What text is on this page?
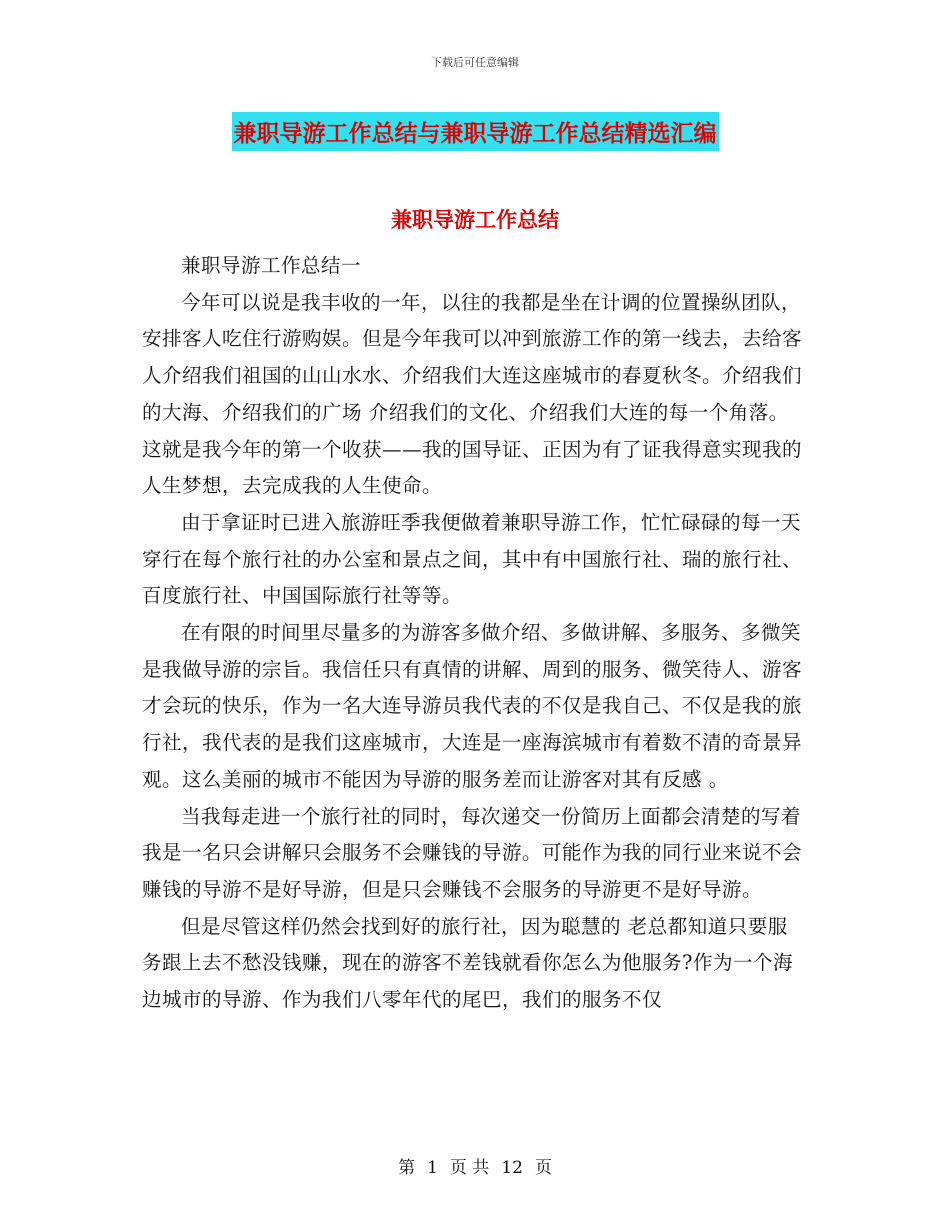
下载后可任意编辑
兼职导游工作总结与兼职导游工作总结精选汇编
兼职导游工作总结

兼职导游工作总结一

今年可以说是我丰收的一年，以往的我都是坐在计调的位置操纵团队，安排客人吃住行游购娱。但是今年我可以冲到旅游工作的第一线去，去给客人介绍我们祖国的山山水水、介绍我们大连这座城市的春夏秋冬。介绍我们的大海、介绍我们的广场 介绍我们的文化、介绍我们大连的每一个角落。这就是我今年的第一个收获——我的国导证、正因为有了证我得意实现我的人生梦想，去完成我的人生使命。

由于拿证时已进入旅游旺季我便做着兼职导游工作，忙忙碌碌的每一天穿行在每个旅行社的办公室和景点之间，其中有中国旅行社、瑞的旅行社、百度旅行社、中国国际旅行社等等。

在有限的时间里尽量多的为游客多做介绍、多做讲解、多服务、多微笑是我做导游的宗旨。我信任只有真情的讲解、周到的服务、微笑待人、游客才会玩的快乐，作为一名大连导游员我代表的不仅是我自己、不仅是我的旅行社，我代表的是我们这座城市，大连是一座海滨城市有着数不清的奇景异观。这么美丽的城市不能因为导游的服务差而让游客对其有反感 。

当我每走进一个旅行社的同时，每次递交一份简历上面都会清楚的写着我是一名只会讲解只会服务不会赚钱的导游。可能作为我的同行业来说不会赚钱的导游不是好导游，但是只会赚钱不会服务的导游更不是好导游。

但是尽管这样仍然会找到好的旅行社，因为聪慧的 老总都知道只要服务跟上去不愁没钱赚，现在的游客不差钱就看你怎么为他服务?作为一个海边城市的导游、作为我们八零年代的尾巴，我们的服务不仅

第 1 页 共 12 页
